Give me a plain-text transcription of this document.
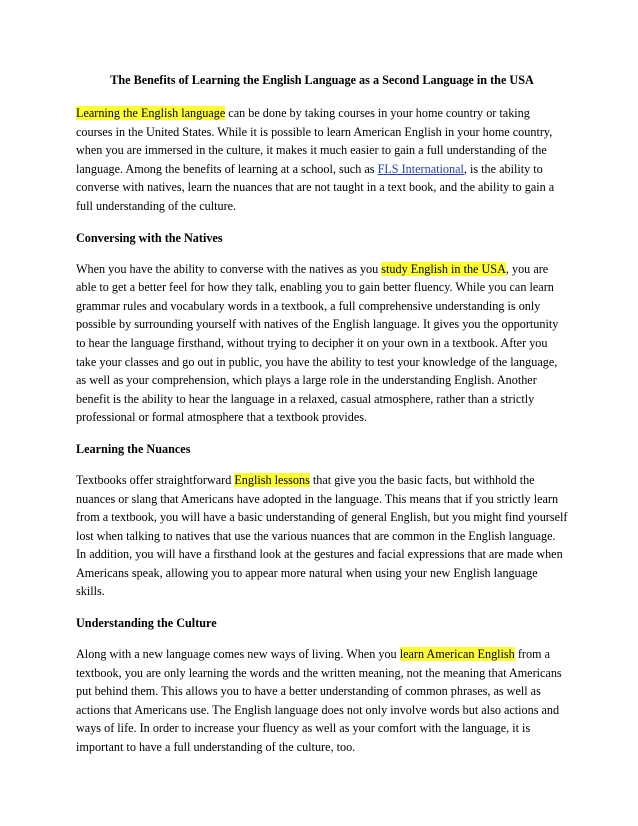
The Benefits of Learning the English Language as a Second Language in the USA

Learning the English language can be done by taking courses in your home country or taking courses in the United States. While it is possible to learn American English in your home country, when you are immersed in the culture, it makes it much easier to gain a full understanding of the language. Among the benefits of learning at a school, such as FLS International, is the ability to converse with natives, learn the nuances that are not taught in a text book, and the ability to gain a full understanding of the culture.

Conversing with the Natives

When you have the ability to converse with the natives as you study English in the USA, you are able to get a better feel for how they talk, enabling you to gain better fluency. While you can learn grammar rules and vocabulary words in a textbook, a full comprehensive understanding is only possible by surrounding yourself with natives of the English language. It gives you the opportunity to hear the language firsthand, without trying to decipher it on your own in a textbook. After you take your classes and go out in public, you have the ability to test your knowledge of the language, as well as your comprehension, which plays a large role in the understanding English. Another benefit is the ability to hear the language in a relaxed, casual atmosphere, rather than a strictly professional or formal atmosphere that a textbook provides.

Learning the Nuances

Textbooks offer straightforward English lessons that give you the basic facts, but withhold the nuances or slang that Americans have adopted in the language. This means that if you strictly learn from a textbook, you will have a basic understanding of general English, but you might find yourself lost when talking to natives that use the various nuances that are common in the English language. In addition, you will have a firsthand look at the gestures and facial expressions that are made when Americans speak, allowing you to appear more natural when using your new English language skills.

Understanding the Culture

Along with a new language comes new ways of living. When you learn American English from a textbook, you are only learning the words and the written meaning, not the meaning that Americans put behind them. This allows you to have a better understanding of common phrases, as well as actions that Americans use. The English language does not only involve words but also actions and ways of life. In order to increase your fluency as well as your comfort with the language, it is important to have a full understanding of the culture, too.
